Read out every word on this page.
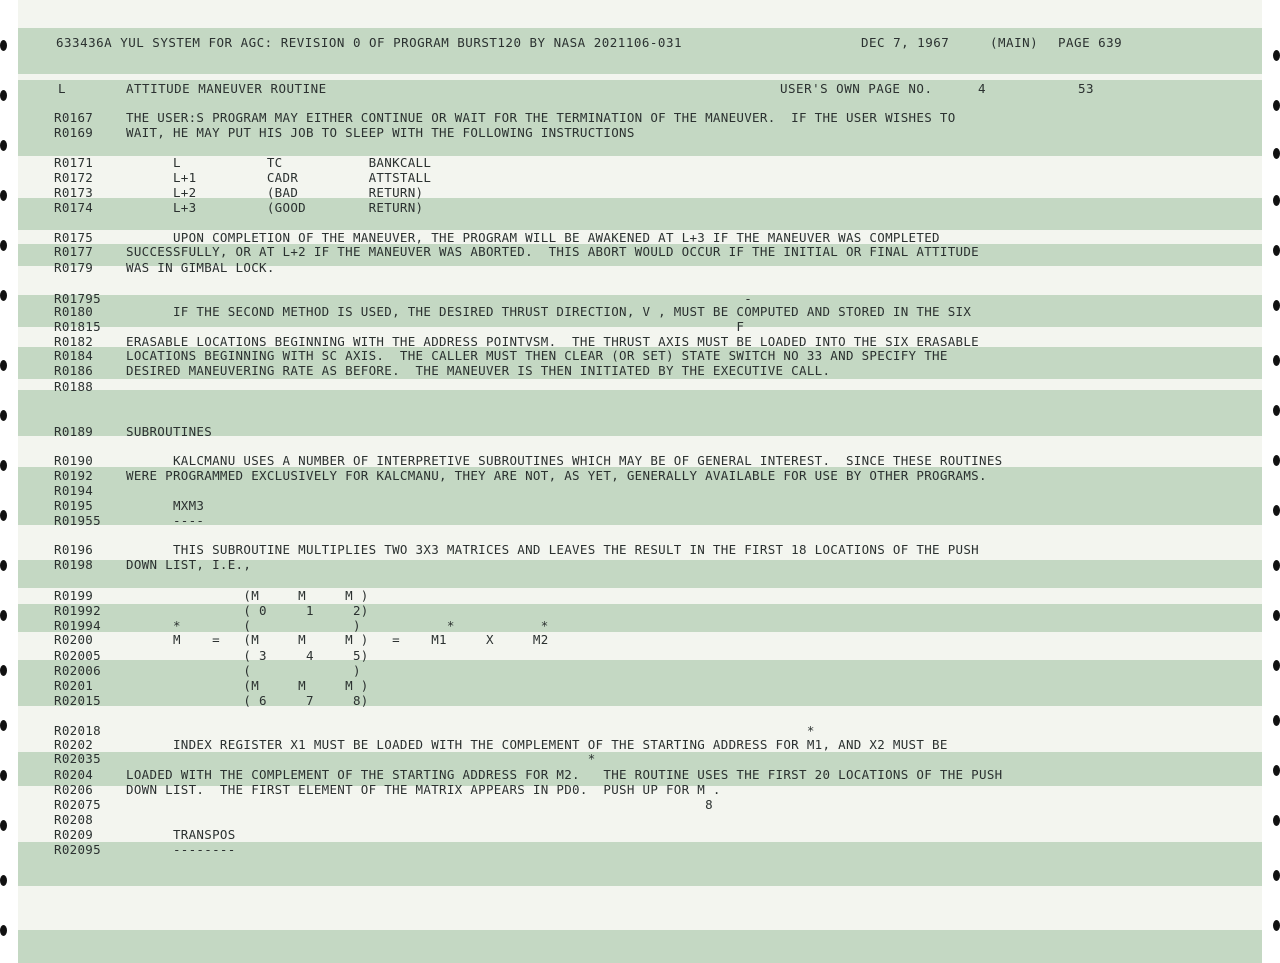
633436A YUL SYSTEM FOR AGC: REVISION 0 OF PROGRAM BURST120 BY NASA 2021106-031	DEC 7, 1967	(MAIN) PAGE 639
L	ATTITUDE MANEUVER ROUTINE	USER'S OWN PAGE NO.	4	53
R0167	THE USER:S PROGRAM MAY EITHER CONTINUE OR WAIT FOR THE TERMINATION OF THE MANEUVER.  IF THE USER WISHES TO
R0169	WAIT, HE MAY PUT HIS JOB TO SLEEP WITH THE FOLLOWING INSTRUCTIONS
R0171	L           TC           BANKCALL
R0172	L+1         CADR         ATTSTALL
R0173	L+2         (BAD         RETURN)
R0174	L+3         (GOOD        RETURN)
R0175	UPON COMPLETION OF THE MANEUVER, THE PROGRAM WILL BE AWAKENED AT L+3 IF THE MANEUVER WAS COMPLETED
R0177	SUCCESSFULLY, OR AT L+2 IF THE MANEUVER WAS ABORTED.  THIS ABORT WOULD OCCUR IF THE INITIAL OR FINAL ATTITUDE
R0179	WAS IN GIMBAL LOCK.
R01795 -
R0180	IF THE SECOND METHOD IS USED, THE DESIRED THRUST DIRECTION, V , MUST BE COMPUTED AND STORED IN THE SIX
R01815 F
R0182	ERASABLE LOCATIONS BEGINNING WITH THE ADDRESS POINTVSM.  THE THRUST AXIS MUST BE LOADED INTO THE SIX ERASABLE
R0184	LOCATIONS BEGINNING WITH SC AXIS.  THE CALLER MUST THEN CLEAR (OR SET) STATE SWITCH NO 33 AND SPECIFY THE
R0186	DESIRED MANEUVERING RATE AS BEFORE.  THE MANEUVER IS THEN INITIATED BY THE EXECUTIVE CALL.
R0188
R0189	SUBROUTINES
R0190	KALCMANU USES A NUMBER OF INTERPRETIVE SUBROUTINES WHICH MAY BE OF GENERAL INTEREST.  SINCE THESE ROUTINES
R0192	WERE PROGRAMMED EXCLUSIVELY FOR KALCMANU, THEY ARE NOT, AS YET, GENERALLY AVAILABLE FOR USE BY OTHER PROGRAMS.
R0194
R0195	MXM3
R01955 ----
R0196	THIS SUBROUTINE MULTIPLIES TWO 3X3 MATRICES AND LEAVES THE RESULT IN THE FIRST 18 LOCATIONS OF THE PUSH
R0198	DOWN LIST, I.E.,
R0199	(M     M     M )
R01992 ( 0     1     2)
R01994 *        (             )           *           *
R0200	M    =   (M     M     M )   =    M1     X     M2
R02005 ( 3     4     5)
R02006 (             )
R0201	(M     M     M )
R02015 ( 6     7     8)
R02018 *
R0202	INDEX REGISTER X1 MUST BE LOADED WITH THE COMPLEMENT OF THE STARTING ADDRESS FOR M1, AND X2 MUST BE
R02035 *
R0204	LOADED WITH THE COMPLEMENT OF THE STARTING ADDRESS FOR M2.   THE ROUTINE USES THE FIRST 20 LOCATIONS OF THE PUSH
R0206	DOWN LIST.  THE FIRST ELEMENT OF THE MATRIX APPEARS IN PD0.  PUSH UP FOR M .
R02075 8
R0208
R0209	TRANSPOS
R02095 --------
